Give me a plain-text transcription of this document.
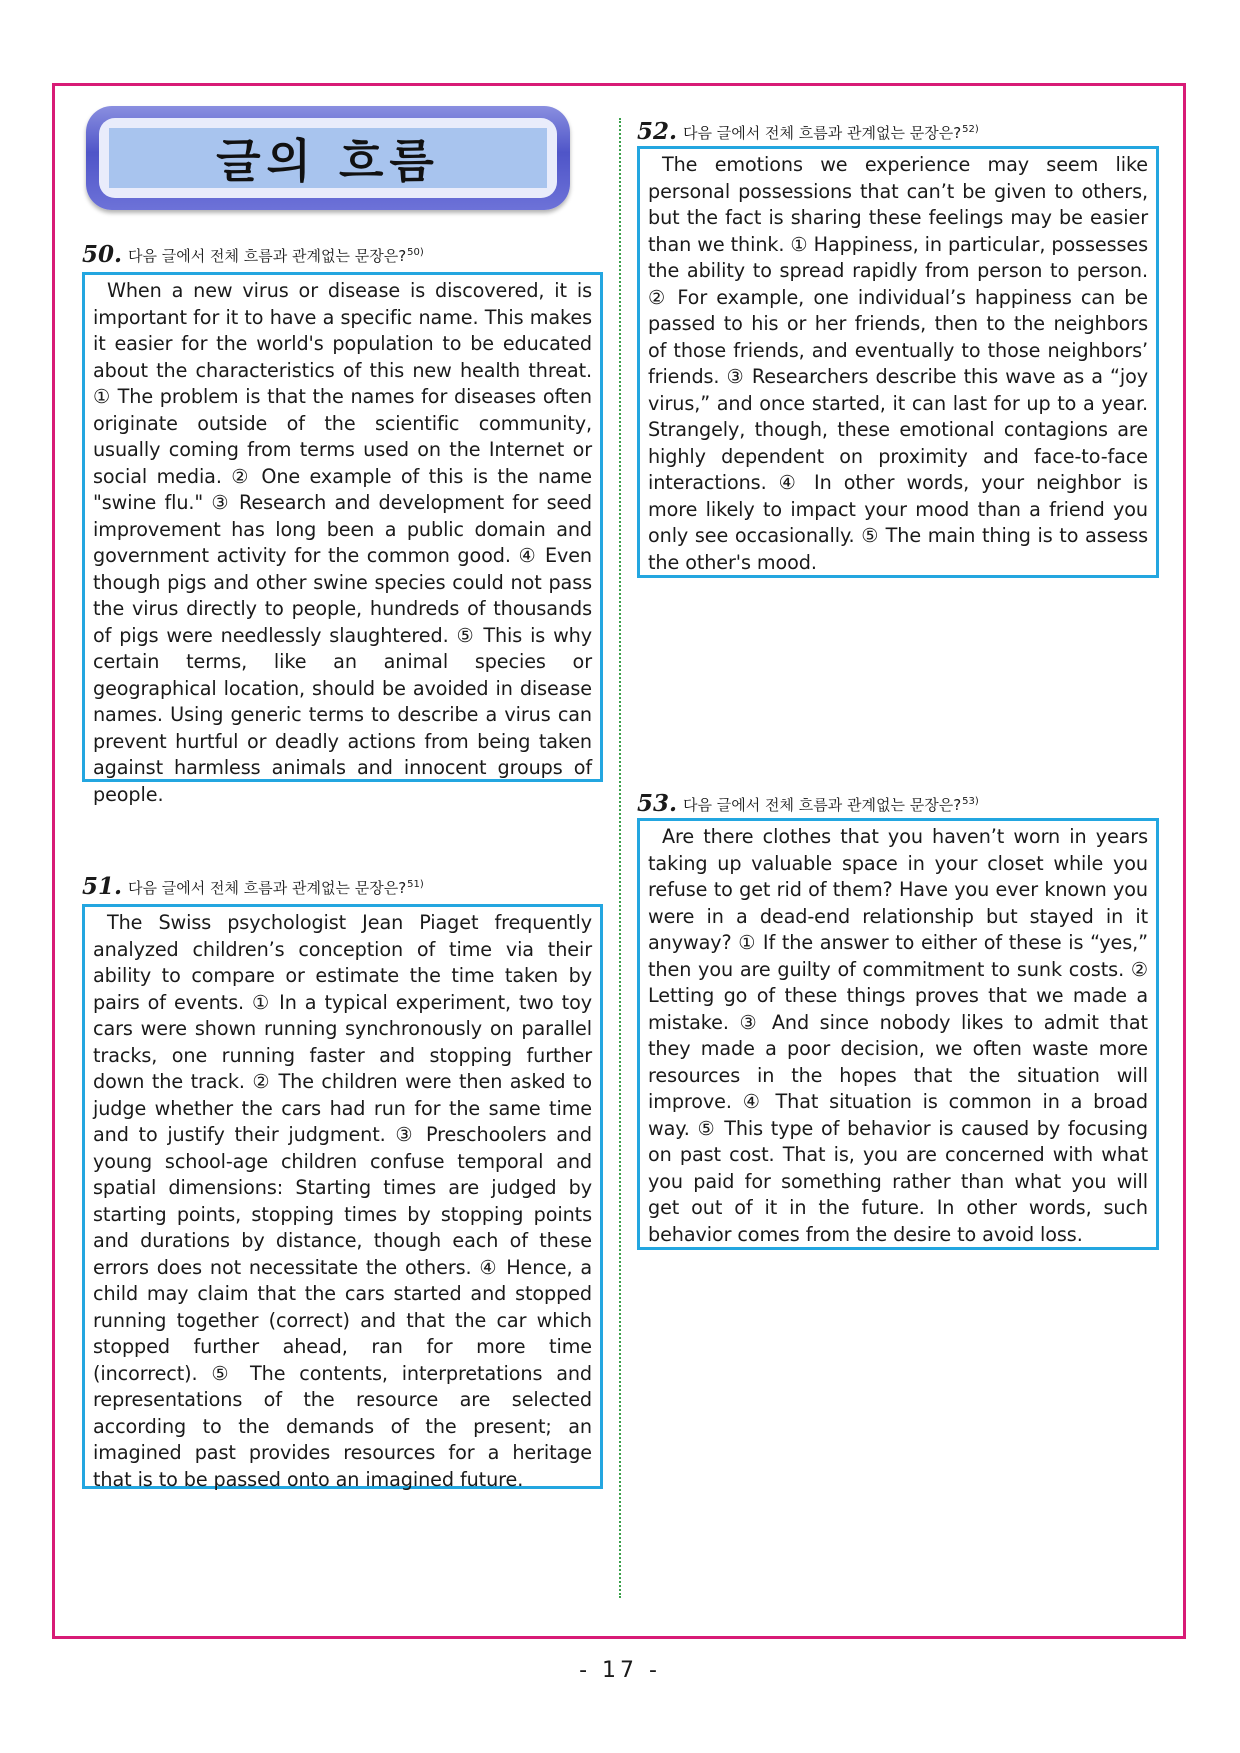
글의 흐름
50. 다음 글에서 전체 흐름과 관계없는 문장은?$^{50)}$
When a new virus or disease is discovered, it is important for it to have a specific name. This makes it easier for the world's population to be educated about the characteristics of this new health threat. ① The problem is that the names for diseases often originate outside of the scientific community, usually coming from terms used on the Internet or social media. ② One example of this is the name "swine flu." ③ Research and development for seed improvement has long been a public domain and government activity for the common good. ④ Even though pigs and other swine species could not pass the virus directly to people, hundreds of thousands of pigs were needlessly slaughtered. ⑤ This is why certain terms, like an animal species or geographical location, should be avoided in disease names. Using generic terms to describe a virus can prevent hurtful or deadly actions from being taken against harmless animals and innocent groups of people.
51. 다음 글에서 전체 흐름과 관계없는 문장은?$^{51)}$
The Swiss psychologist Jean Piaget frequently analyzed children’s conception of time via their ability to compare or estimate the time taken by pairs of events. ① In a typical experiment, two toy cars were shown running synchronously on parallel tracks, one running faster and stopping further down the track. ② The children were then asked to judge whether the cars had run for the same time and to justify their judgment. ③ Preschoolers and young school-age children confuse temporal and spatial dimensions: Starting times are judged by starting points, stopping times by stopping points and durations by distance, though each of these errors does not necessitate the others. ④ Hence, a child may claim that the cars started and stopped running together (correct) and that the car which stopped further ahead, ran for more time (incorrect). ⑤ The contents, interpretations and representations of the resource are selected according to the demands of the present; an imagined past provides resources for a heritage that is to be passed onto an imagined future.
52. 다음 글에서 전체 흐름과 관계없는 문장은?$^{52)}$
The emotions we experience may seem like personal possessions that can’t be given to others, but the fact is sharing these feelings may be easier than we think. ① Happiness, in particular, possesses the ability to spread rapidly from person to person. ② For example, one individual’s happiness can be passed to his or her friends, then to the neighbors of those friends, and eventually to those neighbors’ friends. ③ Researchers describe this wave as a “joy virus,” and once started, it can last for up to a year. Strangely, though, these emotional contagions are highly dependent on proximity and face-to-face interactions. ④ In other words, your neighbor is more likely to impact your mood than a friend you only see occasionally. ⑤ The main thing is to assess the other's mood.
53. 다음 글에서 전체 흐름과 관계없는 문장은?$^{53)}$
Are there clothes that you haven’t worn in years taking up valuable space in your closet while you refuse to get rid of them? Have you ever known you were in a dead-end relationship but stayed in it anyway? ① If the answer to either of these is “yes,” then you are guilty of commitment to sunk costs. ② Letting go of these things proves that we made a mistake. ③ And since nobody likes to admit that they made a poor decision, we often waste more resources in the hopes that the situation will improve. ④ That situation is common in a broad way. ⑤ This type of behavior is caused by focusing on past cost. That is, you are concerned with what you paid for something rather than what you will get out of it in the future. In other words, such behavior comes from the desire to avoid loss.
- 17 -
